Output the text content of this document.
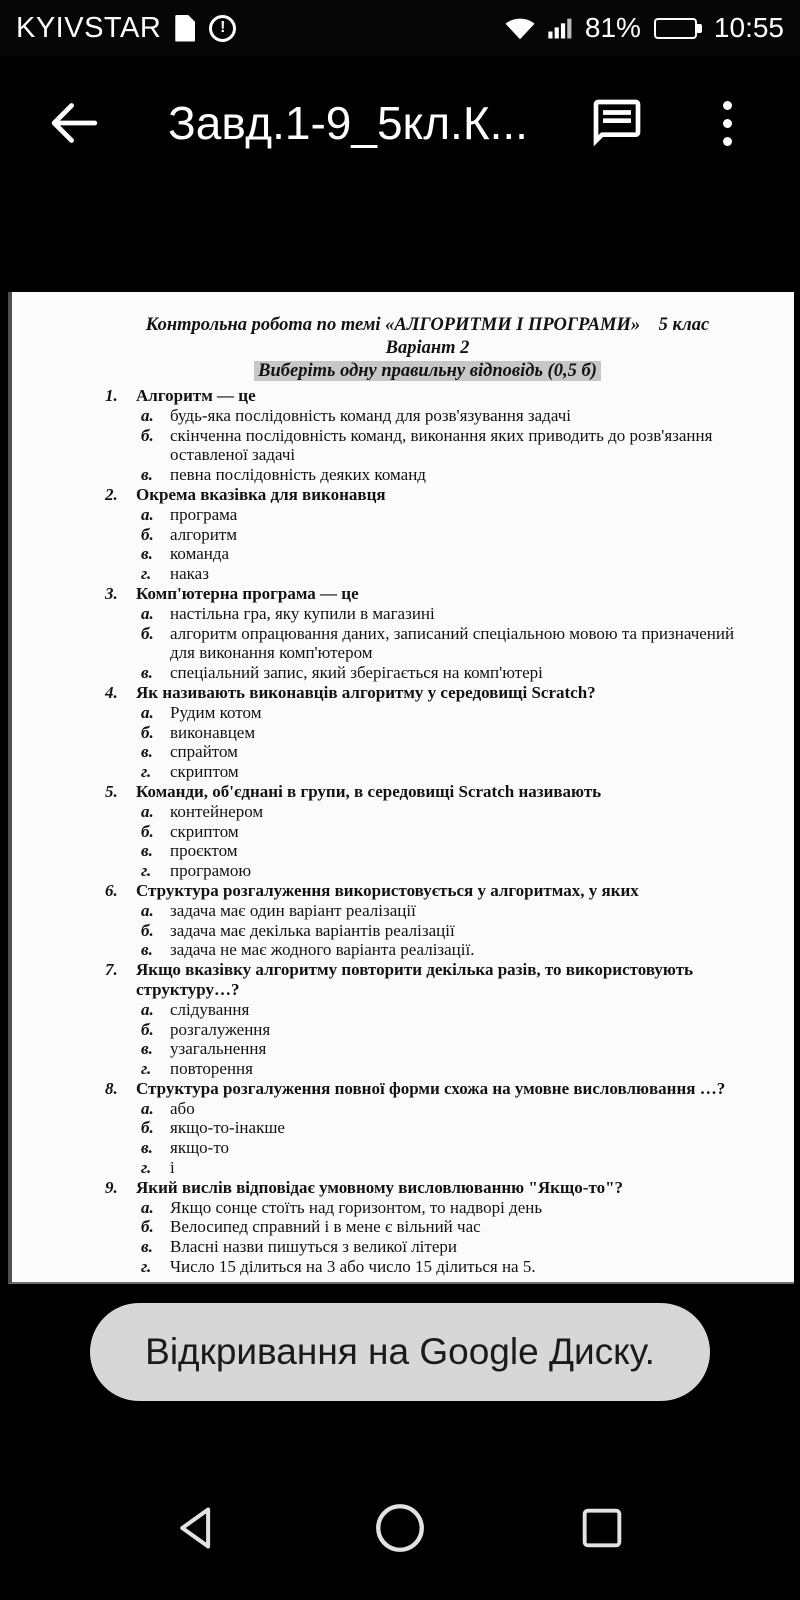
KYIVSTAR	!	81%	10:55
Завд.1-9_5кл.К...
Контрольна робота по темі «АЛГОРИТМИ І ПРОГРАМИ»    5 клас
Варіант 2
Виберіть одну правильну відповідь (0,5 б)
1.	Алгоритм — це
а. будь-яка послідовність команд для розв'язування задачі
б. скінченна послідовність команд, виконання яких приводить до розв'язання оставленої задачі
в.	певна послідовність деяких команд
2.	Окрема вказівка для виконавця
а. програма
б. алгоритм
в.	команда
г.	наказ
3.	Комп'ютерна програма — це
а. настільна гра, яку купили в магазині
б. алгоритм опрацювання даних, записаний спеціальною мовою та призначений для виконання комп'ютером
в.	спеціальний запис, який зберігається на комп'ютері
4.	Як називають виконавців алгоритму у середовищі Scratch?
а. Рудим котом
б. виконавцем
в.	спрайтом
г.	скриптом
5.	Команди, об'єднані в групи, в середовищі Scratch називають
а. контейнером
б. скриптом
в.	проєктом
г.	програмою
6.	Структура розгалуження використовується у алгоритмах, у яких
а. задача має один варіант реалізації
б. задача має декілька варіантів реалізації
в.	задача не має жодного варіанта реалізації.
7.	Якщо вказівку алгоритму повторити декілька разів, то використовують структуру…?
а. слідування
б. розгалуження
в.	узагальнення
г.	повторення
8.	Структура розгалуження повної форми схожа на умовне висловлювання …?
а. або
б. якщо-то-інакше
в.	якщо-то
г.	і
9.	Який вислів відповідає умовному висловлюванню "Якщо-то"?
а. Якщо сонце стоїть над горизонтом, то надворі день
б. Велосипед справний і в мене є вільний час
в.	Власні назви пишуться з великої літери
г.	Число 15 ділиться на 3 або число 15 ділиться на 5.
Відкривання на Google Диску.
